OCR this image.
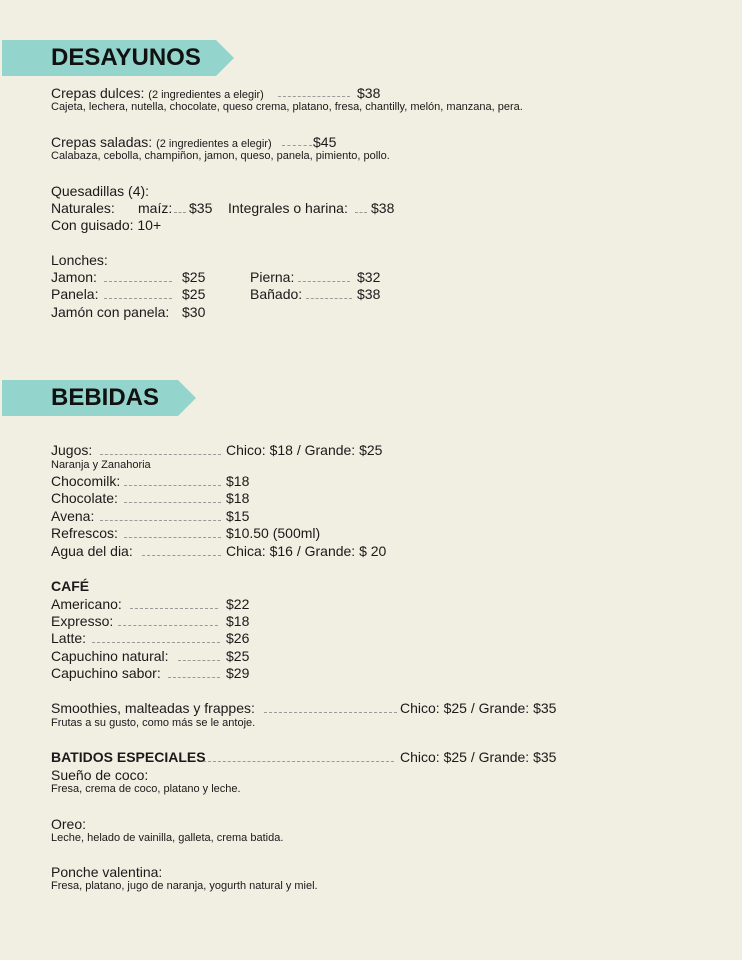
DESAYUNOS
Crepas dulces: (2 ingredientes a elegir)	$38
Cajeta, lechera, nutella, chocolate, queso crema, platano, fresa, chantilly, melón, manzana, pera.
Crepas saladas: (2 ingredientes a elegir)	$45
Calabaza, cebolla, champiñon, jamon, queso, panela, pimiento, pollo.
Quesadillas (4):
Naturales: maíz: $35 Integrales o harina: $38
Con guisado: 10+
Lonches:
Jamon:	$25	Pierna:	$32
Panela:	$25	Bañado:	$38
Jamón con panela: $30
BEBIDAS
Jugos:	Chico: $18 / Grande: $25
Naranja y Zanahoria
Chocomilk:	$18
Chocolate:	$18
Avena:	$15
Refrescos:	$10.50 (500ml)
Agua del dia:	Chica: $16 / Grande: $ 20
CAFÉ
Americano:	$22
Expresso:	$18
Latte:	$26
Capuchino natural:	$25
Capuchino sabor:	$29
Smoothies, malteadas y frappes:	Chico: $25 / Grande: $35
Frutas a su gusto, como más se le antoje.
BATIDOS ESPECIALES	Chico: $25 / Grande: $35
Sueño de coco:
Fresa, crema de coco, platano y leche.
Oreo:
Leche, helado de vainilla, galleta, crema batida.
Ponche valentina:
Fresa, platano, jugo de naranja, yogurth natural y miel.
